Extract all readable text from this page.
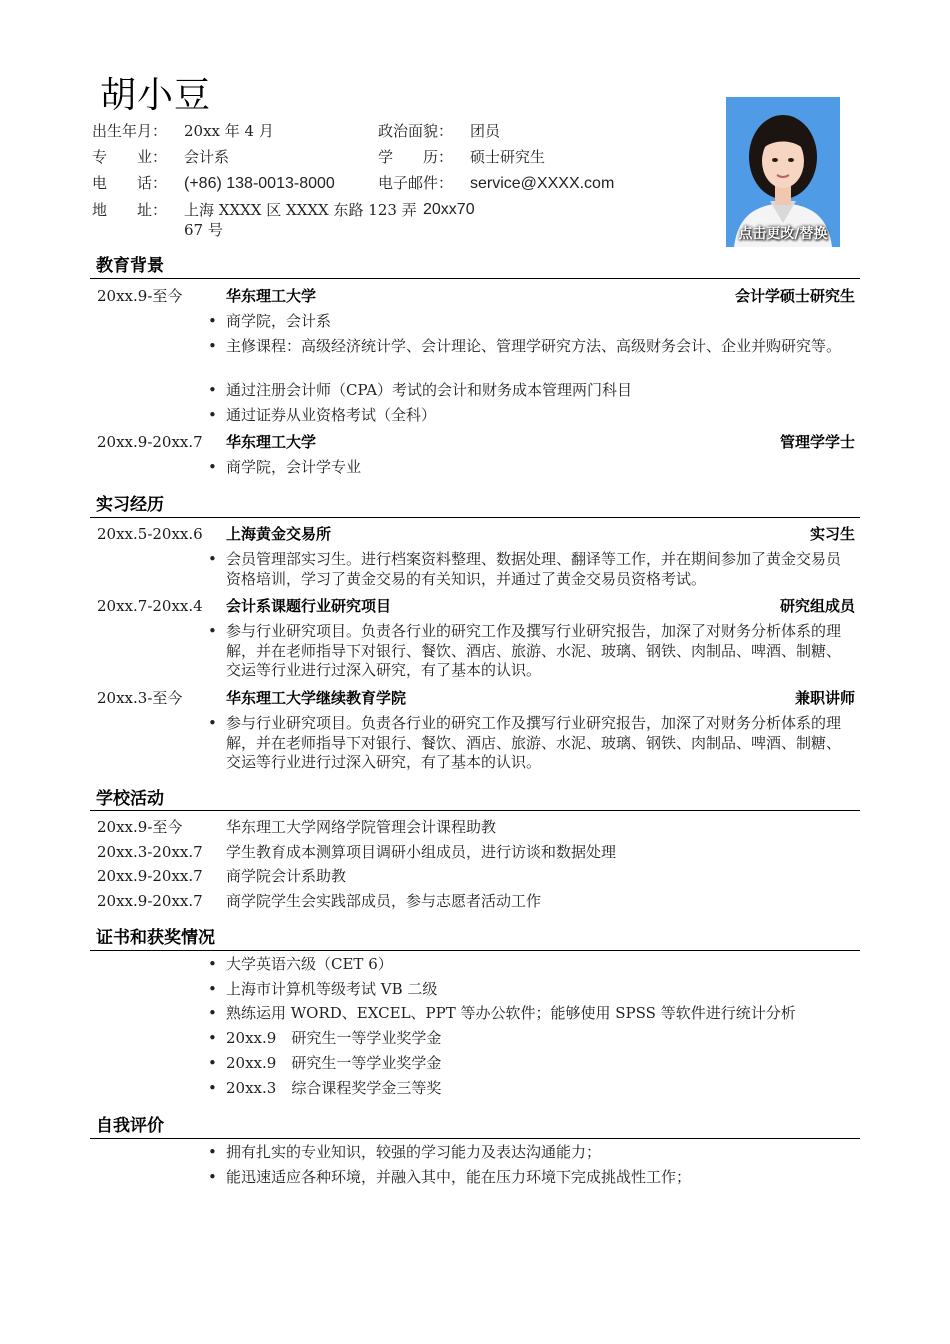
胡小豆
出生年月： 20xx 年 4 月	政治面貌： 团员
专　　业： 会计系	学　　历： 硕士研究生
电　　话： (+86) 138-0013-8000	电子邮件： service@XXXX.com
地　　址：	上海 XXXX 区 XXXX 东路 123 弄 67 号
20xx70
点击更改/替换
教育背景
20xx.9-至今	华东理工大学	会计学硕士研究生
• 商学院，会计系
• 主修课程：高级经济统计学、会计理论、管理学研究方法、高级财务会计、企业并购研究等。
• 通过注册会计师（CPA）考试的会计和财务成本管理两门科目
• 通过证券从业资格考试（全科）
20xx.9-20xx.7 华东理工大学	管理学学士
• 商学院，会计学专业
实习经历
20xx.5-20xx.6 上海黄金交易所	实习生
• 会员管理部实习生。进行档案资料整理、数据处理、翻译等工作，并在期间参加了黄金交易员资格培训，学习了黄金交易的有关知识，并通过了黄金交易员资格考试。
20xx.7-20xx.4 会计系课题行业研究项目	研究组成员
• 参与行业研究项目。负责各行业的研究工作及撰写行业研究报告，加深了对财务分析体系的理解，并在老师指导下对银行、餐饮、酒店、旅游、水泥、玻璃、钢铁、肉制品、啤酒、制糖、交运等行业进行过深入研究，有了基本的认识。
20xx.3-至今	华东理工大学继续教育学院	兼职讲师
• 参与行业研究项目。负责各行业的研究工作及撰写行业研究报告，加深了对财务分析体系的理解，并在老师指导下对银行、餐饮、酒店、旅游、水泥、玻璃、钢铁、肉制品、啤酒、制糖、交运等行业进行过深入研究，有了基本的认识。
学校活动
20xx.9-至今	华东理工大学网络学院管理会计课程助教
20xx.3-20xx.7 学生教育成本测算项目调研小组成员，进行访谈和数据处理
20xx.9-20xx.7 商学院会计系助教
20xx.9-20xx.7 商学院学生会实践部成员，参与志愿者活动工作
证书和获奖情况
• 大学英语六级（CET 6）
• 上海市计算机等级考试 VB 二级
• 熟练运用 WORD、EXCEL、PPT 等办公软件；能够使用 SPSS 等软件进行统计分析
• 20xx.9　研究生一等学业奖学金
• 20xx.9　研究生一等学业奖学金
• 20xx.3　综合课程奖学金三等奖
自我评价
• 拥有扎实的专业知识，较强的学习能力及表达沟通能力；
• 能迅速适应各种环境，并融入其中，能在压力环境下完成挑战性工作；
